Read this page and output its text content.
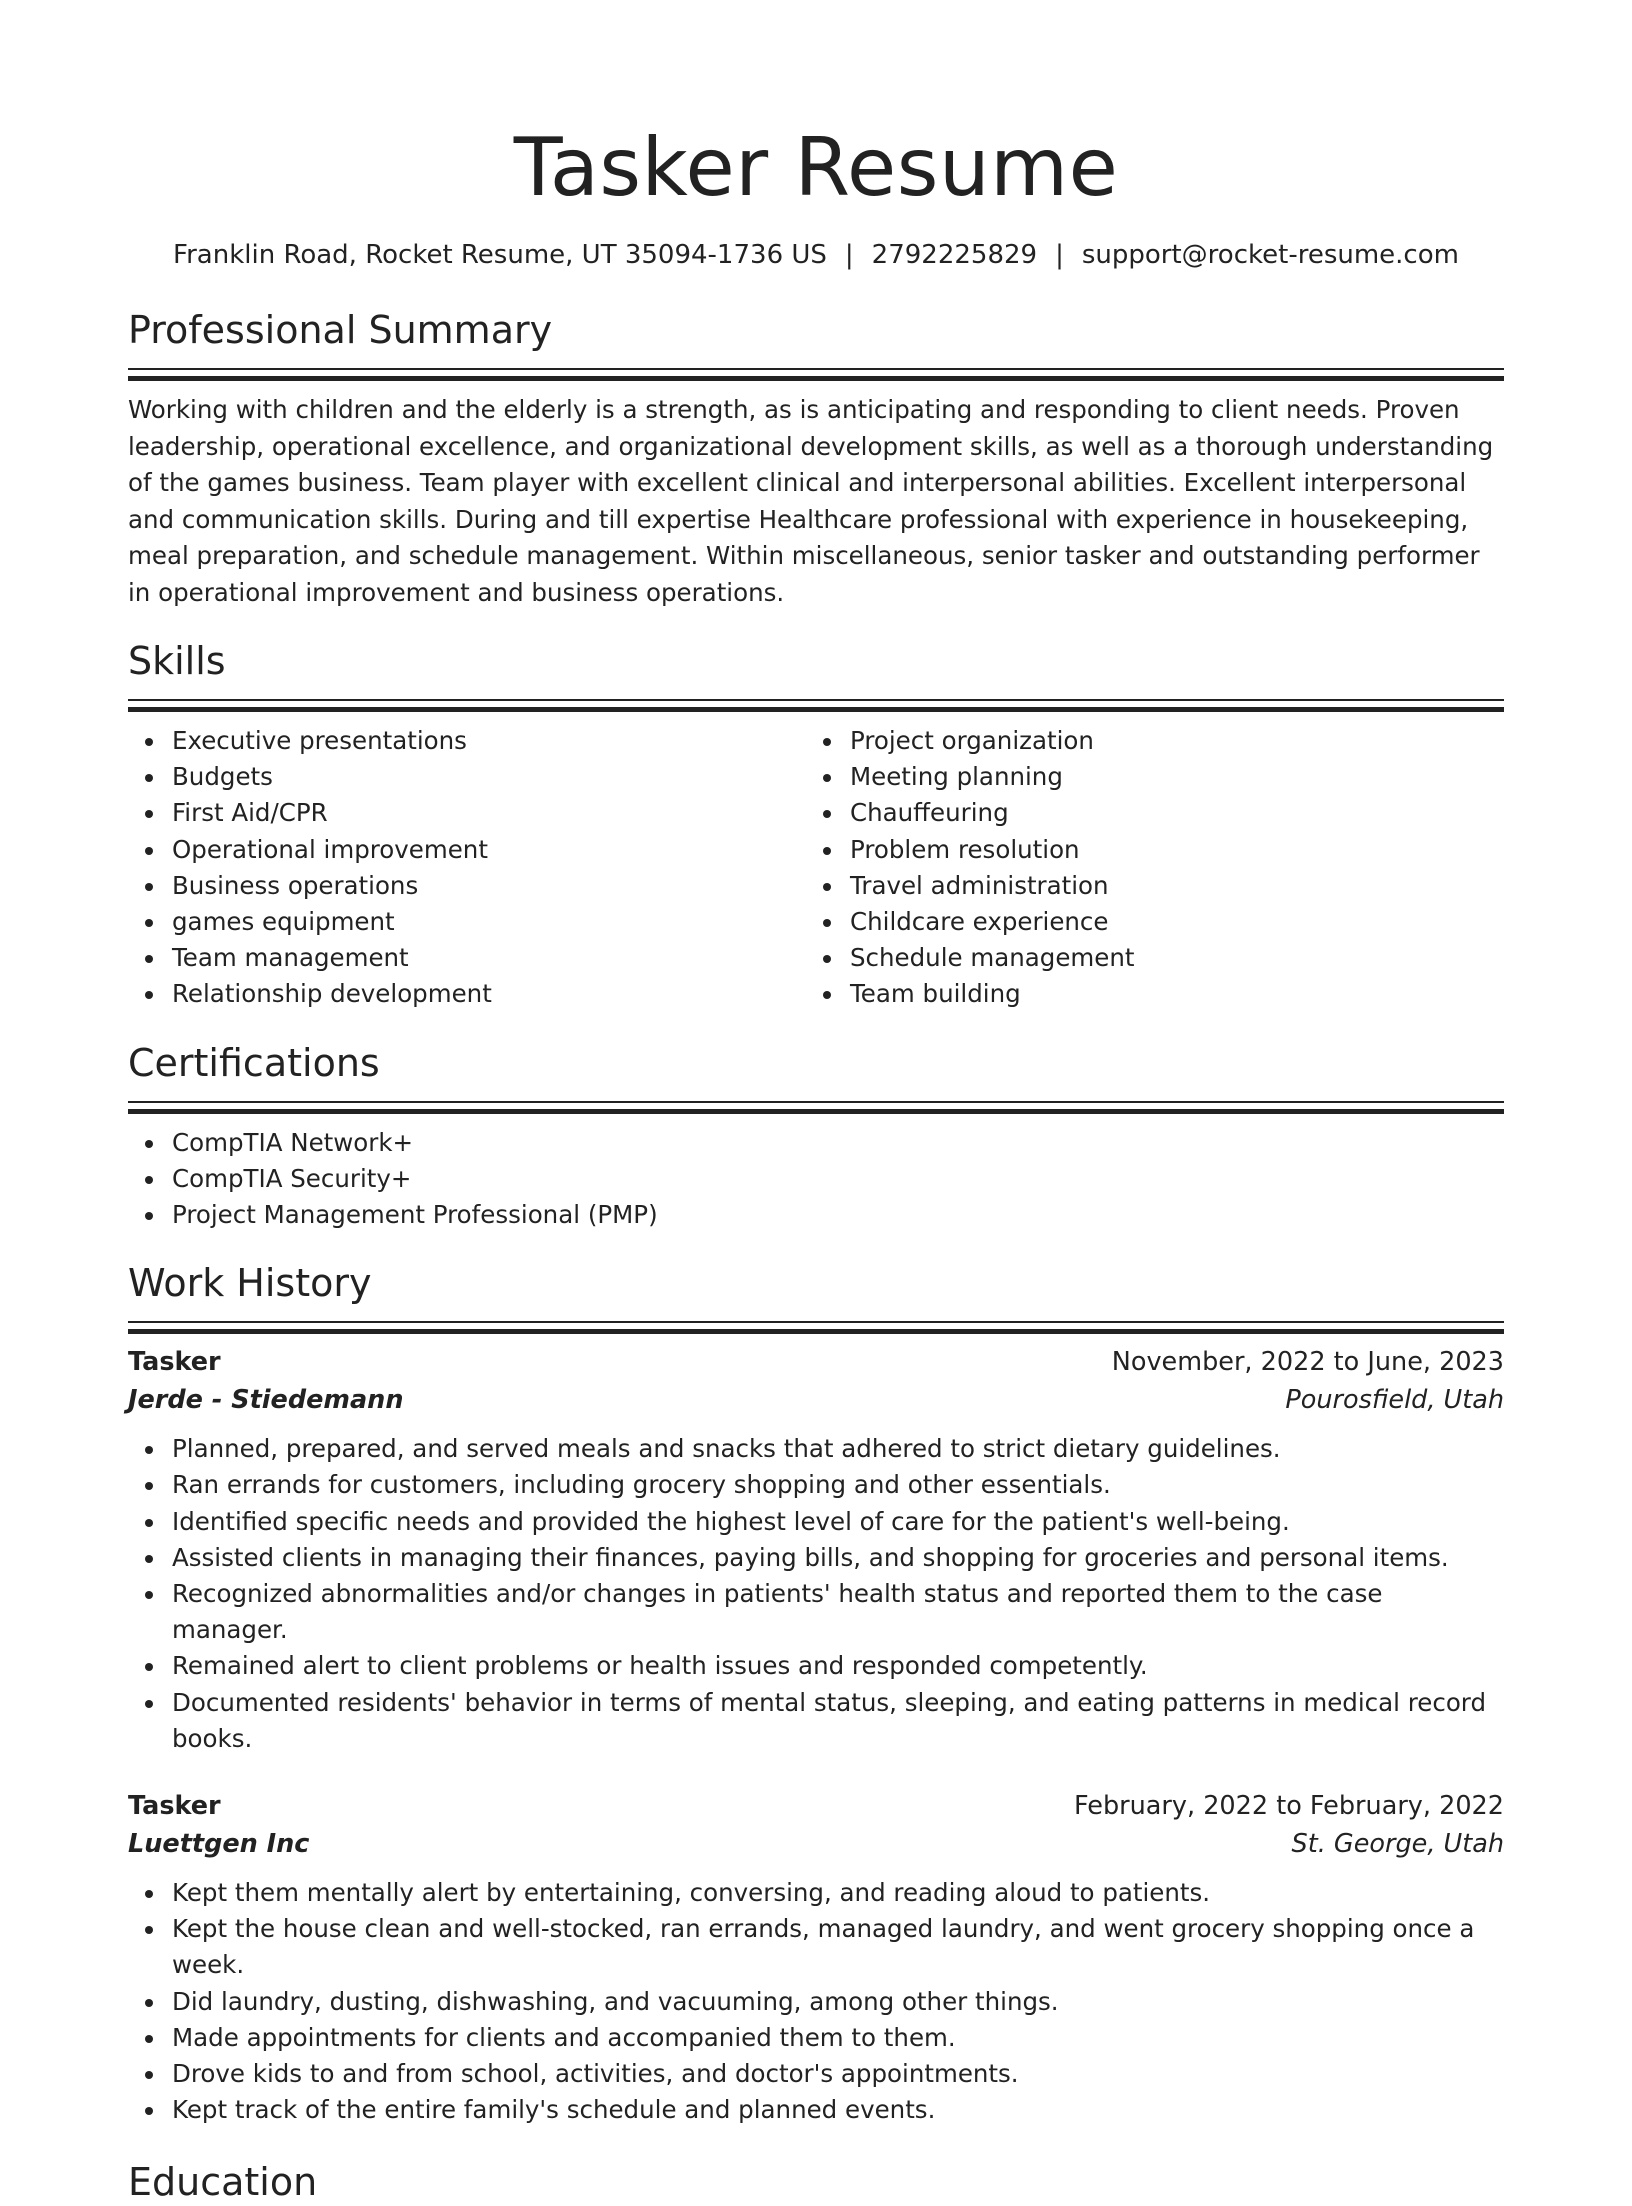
Tasker Resume
Franklin Road, Rocket Resume, UT 35094-1736 US | 2792225829 | support@rocket-resume.com
Professional Summary

Working with children and the elderly is a strength, as is anticipating and responding to client needs. Proven leadership, operational excellence, and organizational development skills, as well as a thorough understanding of the games business. Team player with excellent clinical and interpersonal abilities. Excellent interpersonal and communication skills. During and till expertise Healthcare professional with experience in housekeeping, meal preparation, and schedule management. Within miscellaneous, senior tasker and outstanding performer in operational improvement and business operations.

Skills
Executive presentations
Budgets
First Aid/CPR
Operational improvement
Business operations
games equipment
Team management
Relationship development
Project organization
Meeting planning
Chauffeuring
Problem resolution
Travel administration
Childcare experience
Schedule management
Team building
Certifications
CompTIA Network+
CompTIA Security+
Project Management Professional (PMP)
Work History
Tasker	November, 2022 to June, 2023
Jerde - Stiedemann	Pourosfield, Utah
Planned, prepared, and served meals and snacks that adhered to strict dietary guidelines.
Ran errands for customers, including grocery shopping and other essentials.
Identified specific needs and provided the highest level of care for the patient's well-being.
Assisted clients in managing their finances, paying bills, and shopping for groceries and personal items.
Recognized abnormalities and/or changes in patients' health status and reported them to the case manager.
Remained alert to client problems or health issues and responded competently.
Documented residents' behavior in terms of mental status, sleeping, and eating patterns in medical record books.
Tasker	February, 2022 to February, 2022
Luettgen Inc	St. George, Utah
Kept them mentally alert by entertaining, conversing, and reading aloud to patients.
Kept the house clean and well-stocked, ran errands, managed laundry, and went grocery shopping once a week.
Did laundry, dusting, dishwashing, and vacuuming, among other things.
Made appointments for clients and accompanied them to them.
Drove kids to and from school, activities, and doctor's appointments.
Kept track of the entire family's schedule and planned events.
Education
